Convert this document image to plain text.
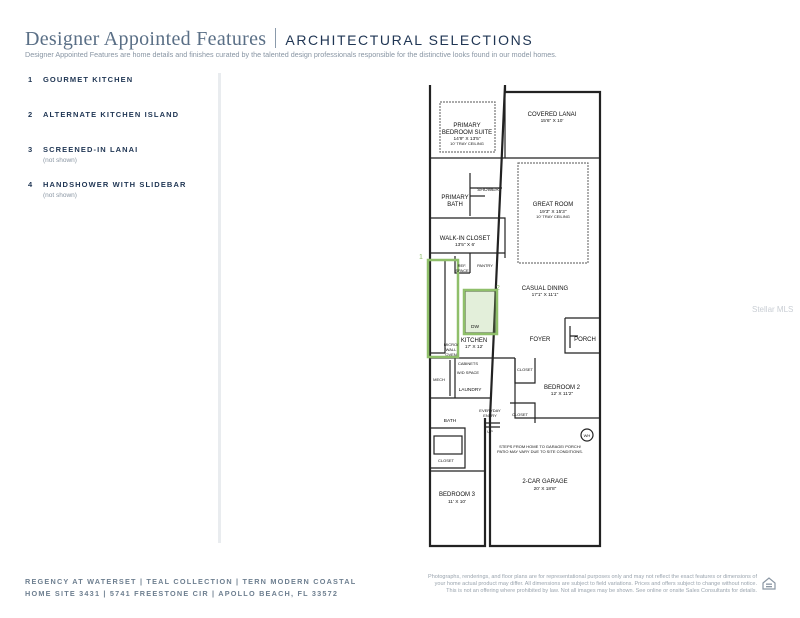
Designer Appointed Features ARCHITECTURAL SELECTIONS
Designer Appointed Features are home details and finishes curated by the talented design professionals responsible for the distinctive looks found in our model homes.
1 GOURMET KITCHEN
2 ALTERNATE KITCHEN ISLAND
3 SCREENED-IN LANAI
(not shown)
4 HANDSHOWER WITH SLIDEBAR
(not shown)
1
2
PRIMARY
BEDROOM SUITE
14'9" X 13'5"
10' TRAY CEILING
COVERED LANAI
15'6" X 10'
SHOWER
PRIMARY
BATH	GREAT ROOM
19'3" X 15'3"
10' TRAY CEILING
WALK-IN CLOSET
13'5" X 6'
REF.
SPACE
PANTRY
CASUAL DINING
17'1" X 11'1"
DW
MICRO/
WALL
OVEN
KITCHEN
17' X 12'
PORCH
FOYER
CABINETS
W/D SPACE
MECH
LAUNDRY
CLOSET
BEDROOM 2
12' X 11'2"
BATH
EVERYDAY
ENTRY	CLOSET
UP
STEPS FROM HOME TO GARAGE/ PORCH/
PATIO MAY VARY DUE TO SITE CONDITIONS.
CLOSET
2-CAR GARAGE
20' X 18'8"
BEDROOM 3
11' X 10'
WH
Stellar MLS
REGENCY AT WATERSET | TEAL COLLECTION | TERN MODERN COASTAL
HOME SITE 3431 | 5741 FREESTONE CIR | APOLLO BEACH, FL 33572
Photographs, renderings, and floor plans are for representational purposes only and may not reflect the exact features or dimensions of
your home actual product may differ. All dimensions are subject to field variations. Prices and offers subject to change without notice.
This is not an offering where prohibited by law. Not all images may be shown. See online or onsite Sales Consultants for details.
